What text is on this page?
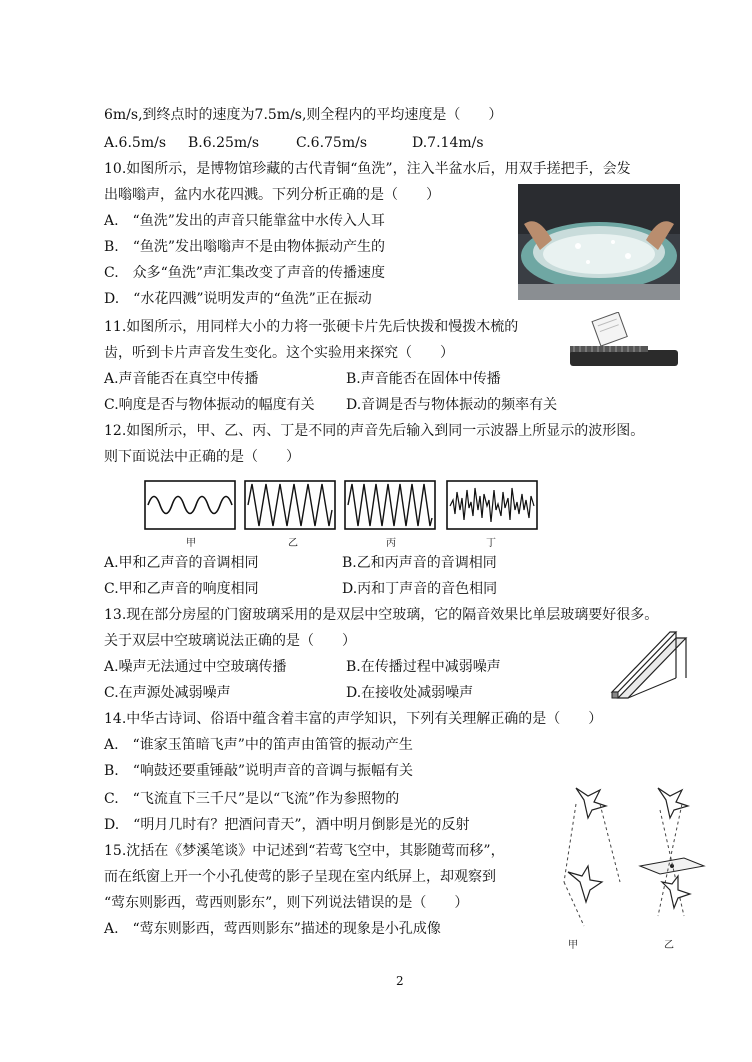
6m/s,到终点时的速度为7.5m/s,则全程内的平均速度是（　　）
A.6.5m/s B.6.25m/s	C.6.75m/s	D.7.14m/s
10.如图所示，是博物馆珍藏的古代青铜“鱼洗”，注入半盆水后，用双手搓把手，会发
出嗡嗡声，盆内水花四溅。下列分析正确的是（　　）
A.　“鱼洗”发出的声音只能靠盆中水传入人耳
B.　“鱼洗”发出嗡嗡声不是由物体振动产生的
C.　众多“鱼洗”声汇集改变了声音的传播速度
D.　“水花四溅”说明发声的“鱼洗”正在振动
11.如图所示，用同样大小的力将一张硬卡片先后快拨和慢拨木梳的
齿，听到卡片声音发生变化。这个实验用来探究（　　）
A.声音能否在真空中传播	B.声音能否在固体中传播
C.响度是否与物体振动的幅度有关 D.音调是否与物体振动的频率有关
12.如图所示，甲、乙、丙、丁是不同的声音先后输入到同一示波器上所显示的波形图。
则下面说法中正确的是（　　）
甲	乙	丙	丁
A.甲和乙声音的音调相同	B.乙和丙声音的音调相同
C.甲和乙声音的响度相同	D.丙和丁声音的音色相同
13.现在部分房屋的门窗玻璃采用的是双层中空玻璃，它的隔音效果比单层玻璃要好很多。
关于双层中空玻璃说法正确的是（　　）
A.噪声无法通过中空玻璃传播	B.在传播过程中减弱噪声
C.在声源处减弱噪声	D.在接收处减弱噪声
14.中华古诗词、俗语中蕴含着丰富的声学知识，下列有关理解正确的是（　　）
A.　“谁家玉笛暗飞声”中的笛声由笛管的振动产生
B.　“响鼓还要重锤敲”说明声音的音调与振幅有关
C.　“飞流直下三千尺”是以“飞流”作为参照物的
D.　“明月几时有？把酒问青天”，酒中明月倒影是光的反射
15.沈括在《梦溪笔谈》中记述到“若莺飞空中，其影随莺而移”，
而在纸窗上开一个小孔使莺的影子呈现在室内纸屏上，却观察到
“莺东则影西，莺西则影东”，则下列说法错误的是（　　）
A.　“莺东则影西，莺西则影东”描述的现象是小孔成像
甲	乙
2
